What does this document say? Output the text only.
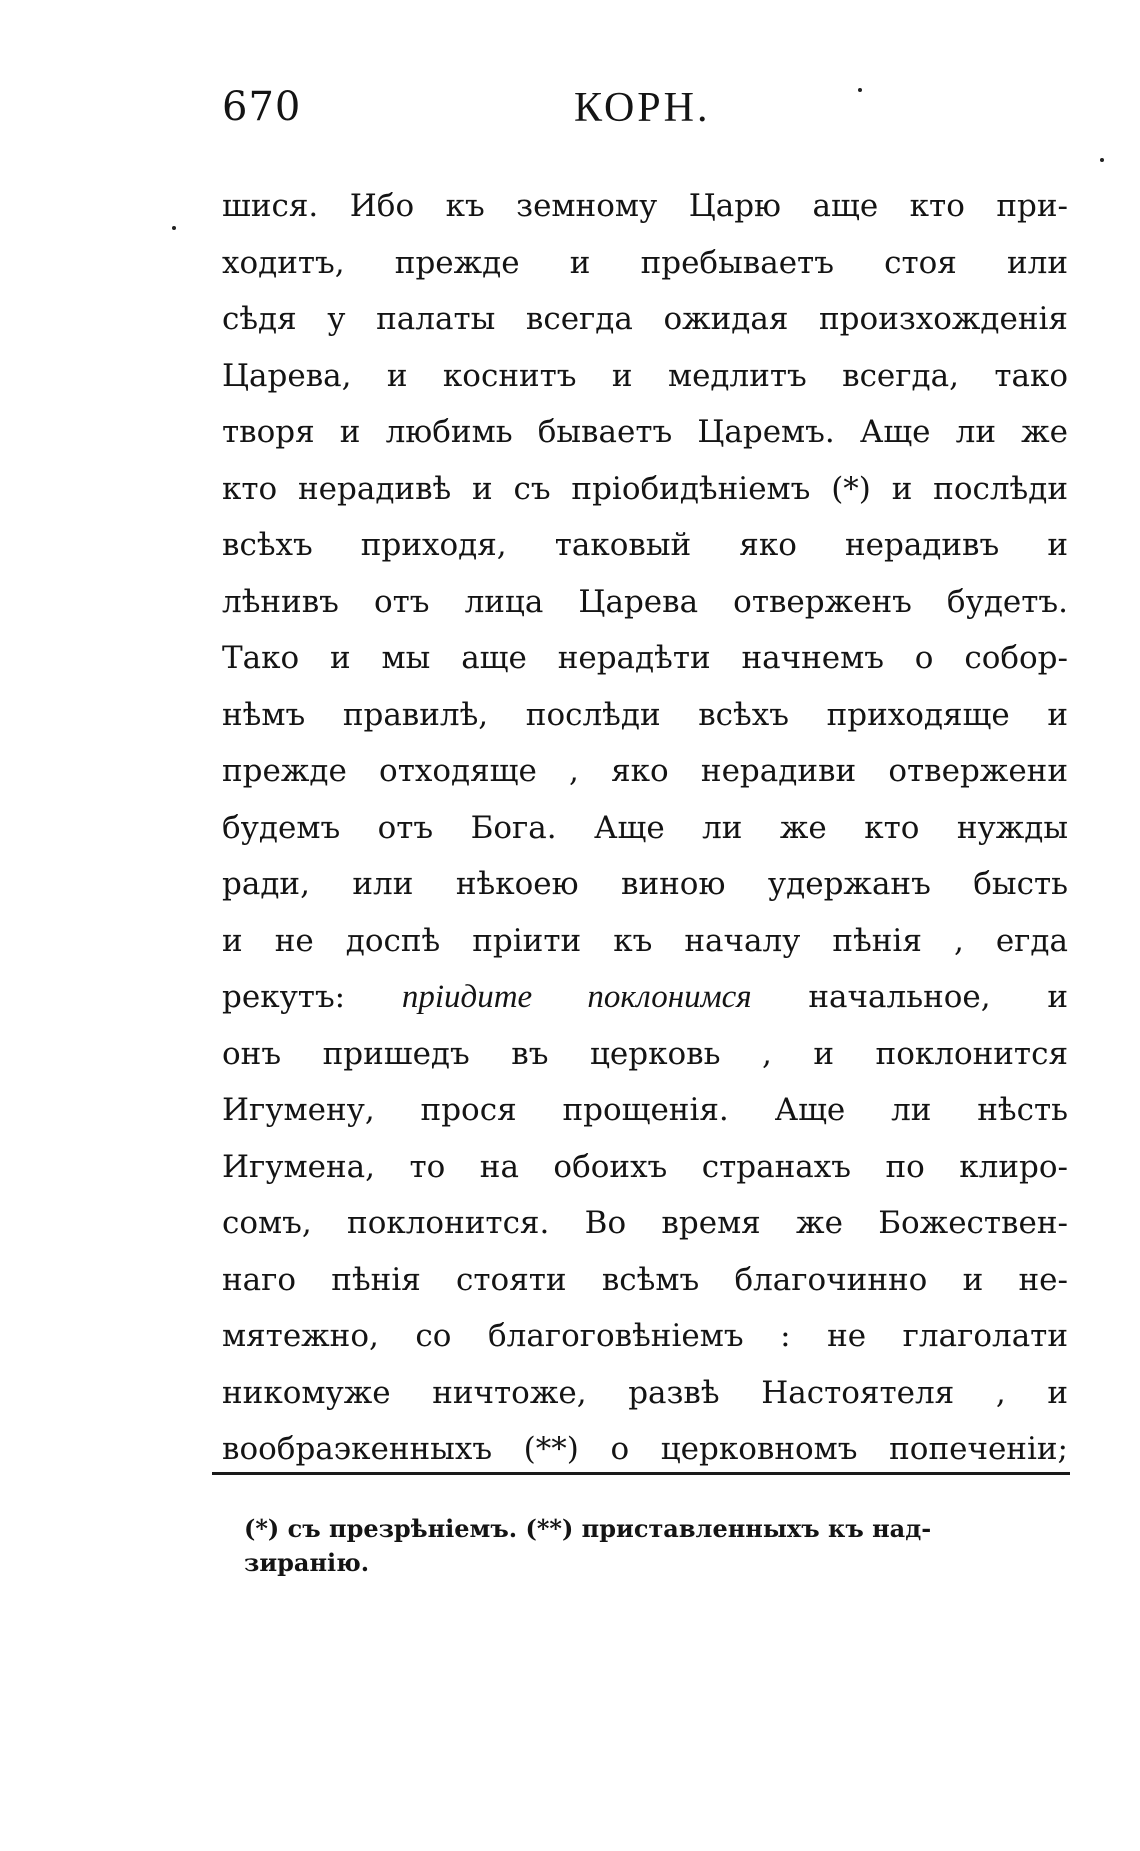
670	КОРН.
шися. Ибо къ земному Царю аще кто при-
ходитъ, прежде и пребываетъ стоя или
сѣдя у палаты всегда ожидая произхожденія
Царева, и коснитъ и медлитъ всегда, тако
творя и любимь бываетъ Царемъ. Аще ли же
кто нерадивѣ и съ пріобидѣніемъ (*) и послѣди
всѣхъ приходя, таковый яко нерадивъ и
лѣнивъ отъ лица Царева отверженъ будетъ.
Тако и мы аще нерадѣти начнемъ о собор-
нѣмъ правилѣ, послѣди всѣхъ приходяще и
прежде отходяще , яко нерадиви отвержени
будемъ отъ Бога. Аще ли же кто нужды
ради, или нѣкоею виною удержанъ бысть
и не доспѣ пріити къ началу пѣнія , егда
рекутъ: пріидите поклонимся начальное, и
онъ пришедъ въ церковь , и поклонится
Игумену, прося прощенія. Аще ли нѣсть
Игумена, то на обоихъ странахъ по клиро-
сомъ, поклонится. Во время же Божествен-
наго пѣнія стояти всѣмъ благочинно и не-
мятежно, со благоговѣніемъ : не глаголати
никомуже ничтоже, развѣ Настоятеля , и
вообраэкенныхъ (**) о церковномъ попеченіи;
(*) съ презрѣніемъ. (**) приставленныхъ къ над-
зиранію.
